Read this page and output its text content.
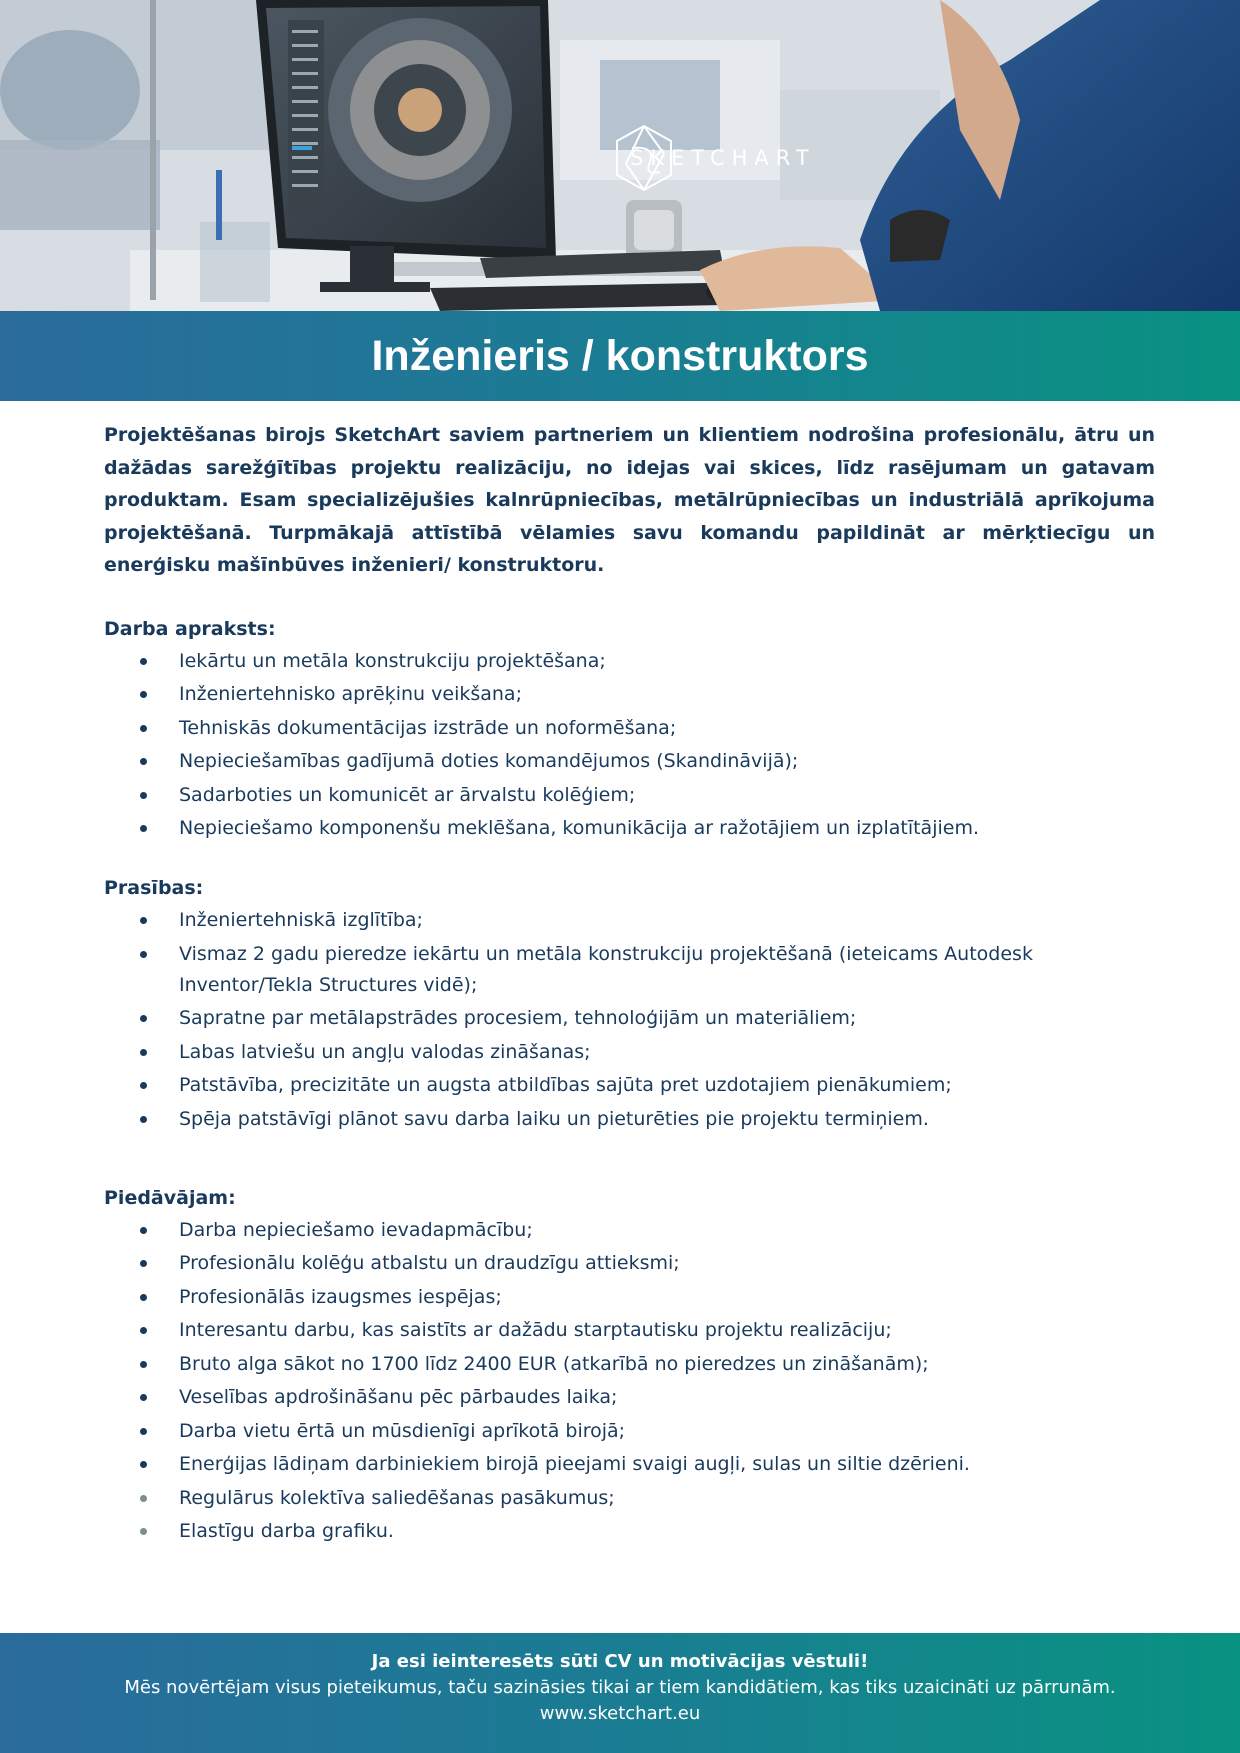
SKETCHART
Inženieris / konstruktors

Projektēšanas birojs SketchArt saviem partneriem un klientiem nodrošina profesionālu, ātru un dažādas sarežģītības projektu realizāciju, no idejas vai skices, līdz rasējumam un gatavam produktam. Esam specializējušies kalnrūpniecības, metālrūpniecības un industriālā aprīkojuma projektēšanā. Turpmākajā attīstībā vēlamies savu komandu papildināt ar mērķtiecīgu un enerģisku mašīnbūves inženieri/ konstruktoru.

Darba apraksts:

Iekārtu un metāla konstrukciju projektēšana;
Inženiertehnisko aprēķinu veikšana;
Tehniskās dokumentācijas izstrāde un noformēšana;
Nepieciešamības gadījumā doties komandējumos (Skandināvijā);
Sadarboties un komunicēt ar ārvalstu kolēģiem;
Nepieciešamo komponenšu meklēšana, komunikācija ar ražotājiem un izplatītājiem.

Prasības:

Inženiertehniskā izglītība;
Vismaz 2 gadu pieredze iekārtu un metāla konstrukciju projektēšanā (ieteicams Autodesk Inventor/Tekla Structures vidē);
Sapratne par metālapstrādes procesiem, tehnoloģijām un materiāliem;
Labas latviešu un angļu valodas zināšanas;
Patstāvība, precizitāte un augsta atbildības sajūta pret uzdotajiem pienākumiem;
Spēja patstāvīgi plānot savu darba laiku un pieturēties pie projektu termiņiem.

Piedāvājam:

Darba nepieciešamo ievadapmācību;
Profesionālu kolēģu atbalstu un draudzīgu attieksmi;
Profesionālās izaugsmes iespējas;
Interesantu darbu, kas saistīts ar dažādu starptautisku projektu realizāciju;
Bruto alga sākot no 1700 līdz 2400 EUR (atkarībā no pieredzes un zināšanām);
Veselības apdrošināšanu pēc pārbaudes laika;
Darba vietu ērtā un mūsdienīgi aprīkotā birojā;
Enerģijas lādiņam darbiniekiem birojā pieejami svaigi augļi, sulas un siltie dzērieni.
Regulārus kolektīva saliedēšanas pasākumus;
Elastīgu darba grafiku.
Ja esi ieinteresēts sūti CV un motivācijas vēstuli!
Mēs novērtējam visus pieteikumus, taču sazināsies tikai ar tiem kandidātiem, kas tiks uzaicināti uz pārrunām.
www.sketchart.eu
